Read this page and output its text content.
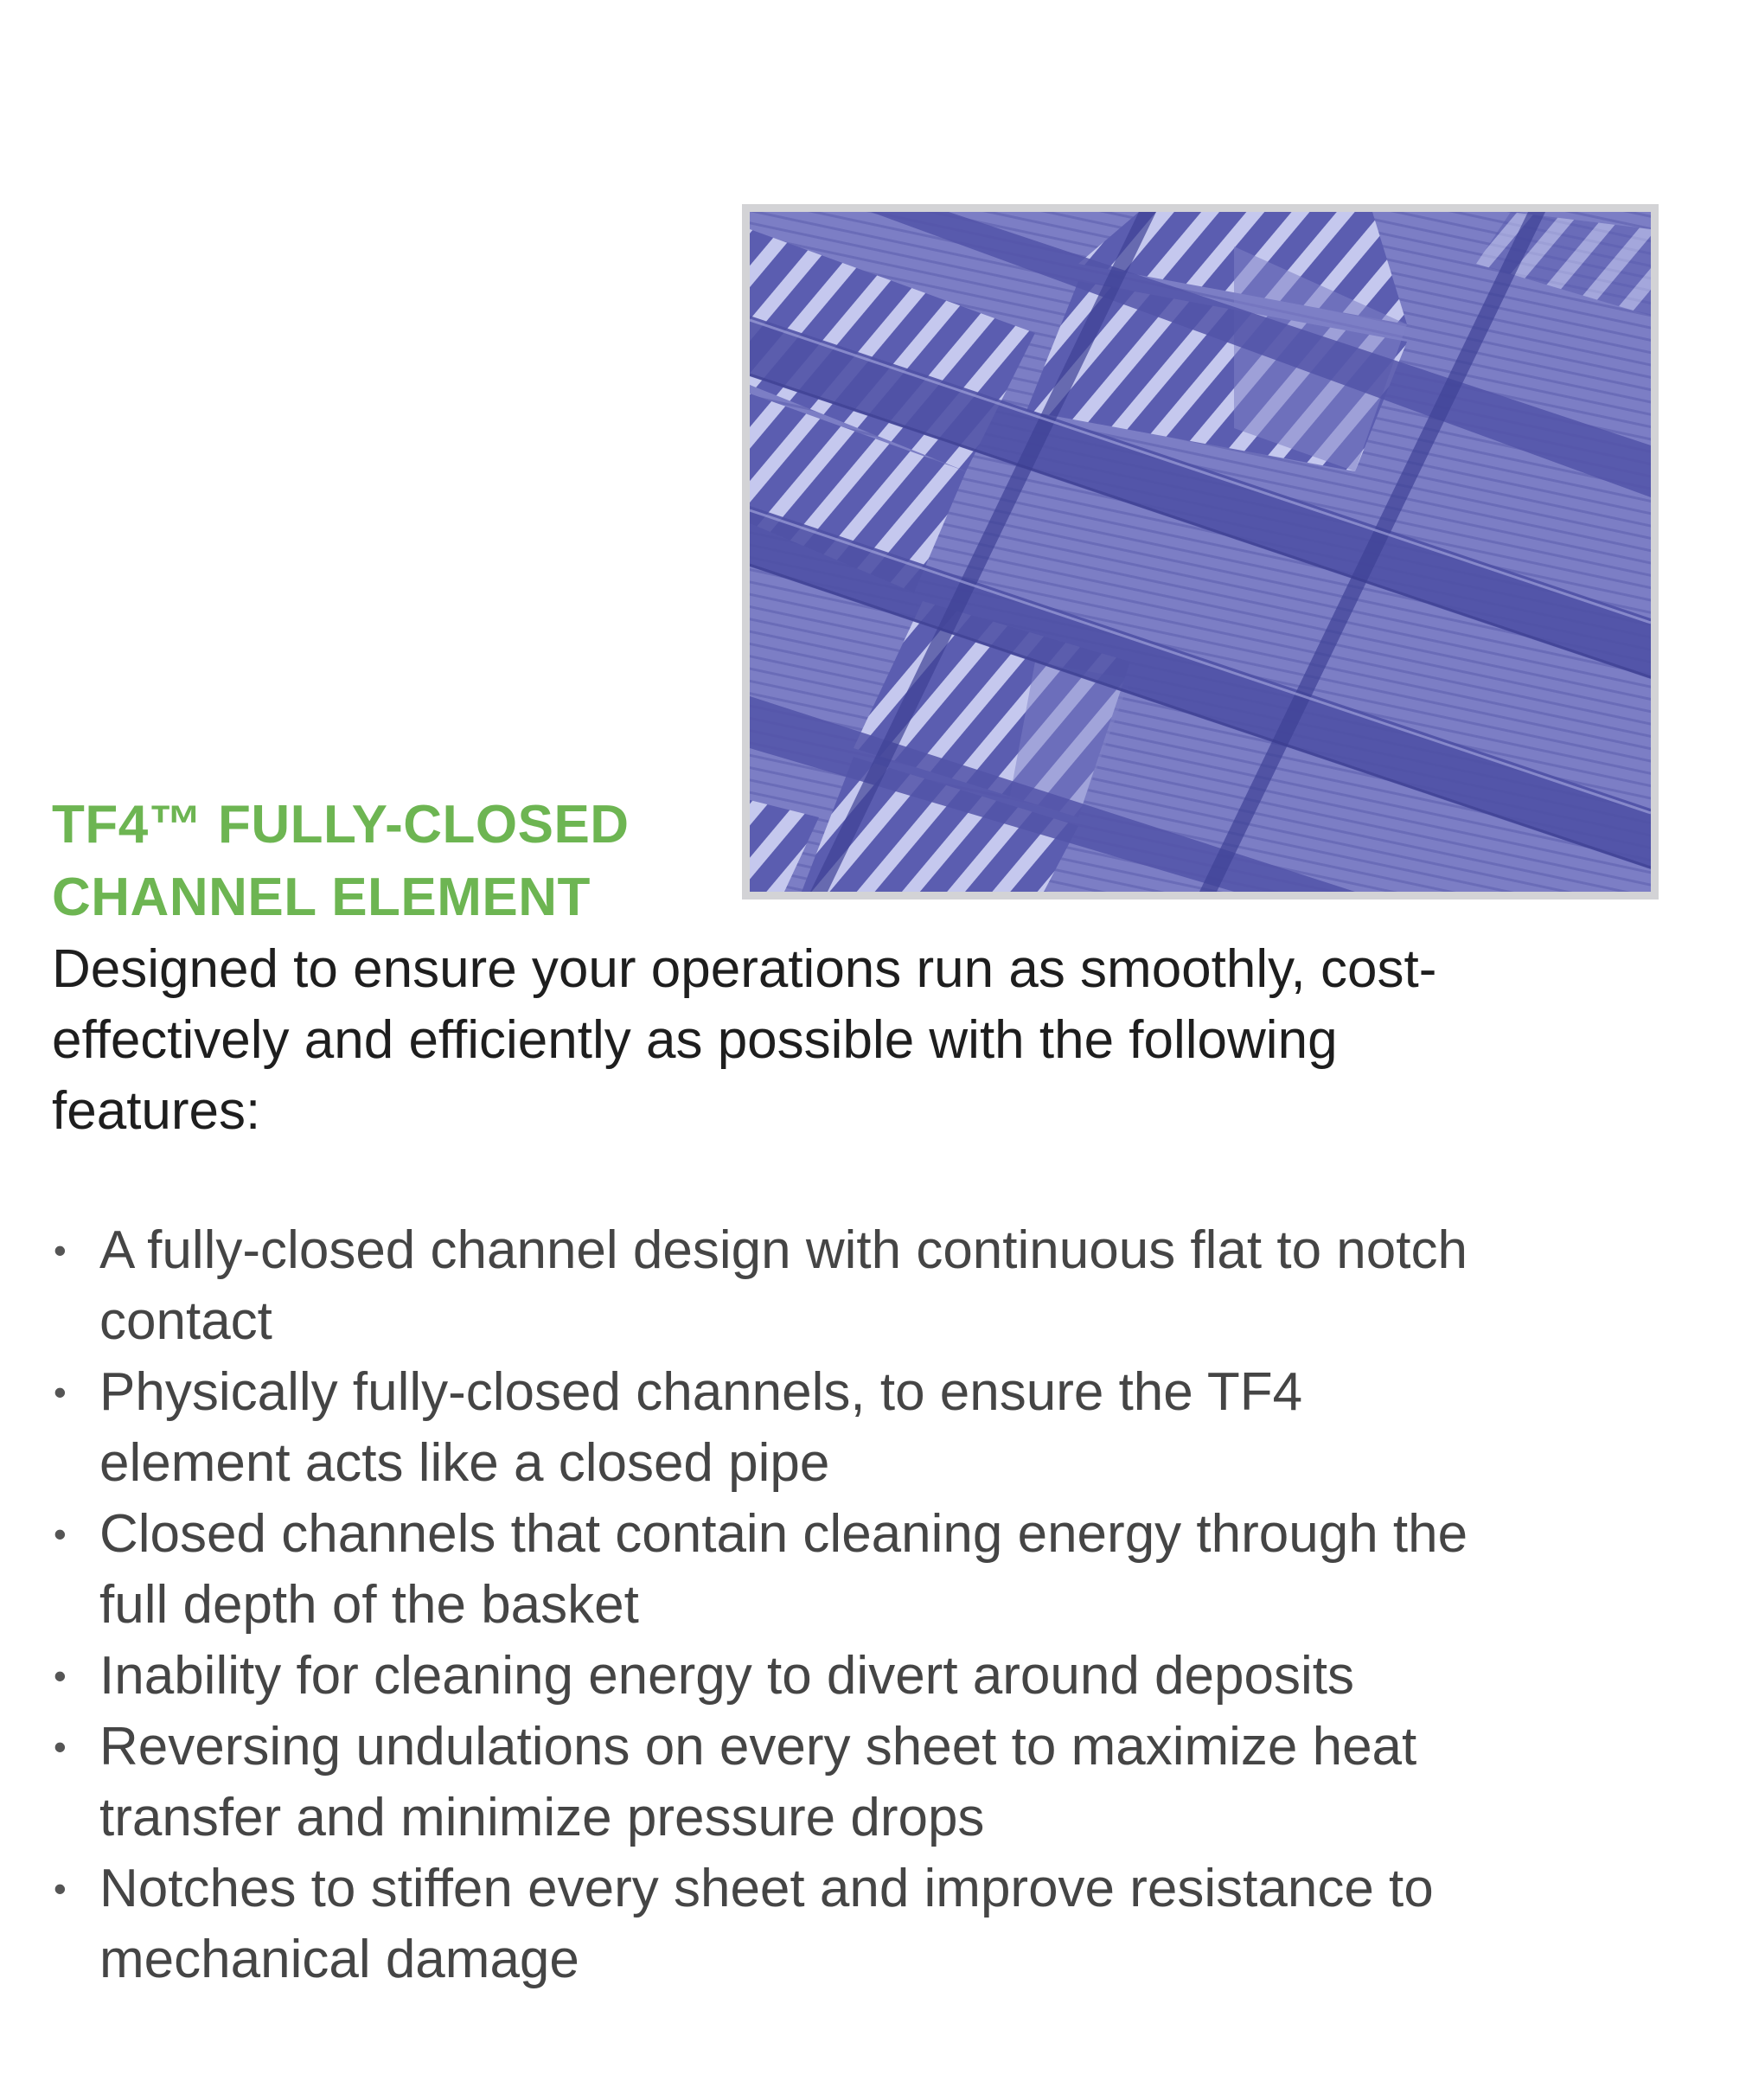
TF4™ FULLY-CLOSED
CHANNEL ELEMENT

Designed to ensure your operations run as smoothly, cost-
effectively and efficiently as possible with the following
features:

• A fully-closed channel design with continuous flat to notch
contact
• Physically fully-closed channels, to ensure the TF4
element acts like a closed pipe
• Closed channels that contain cleaning energy through the
full depth of the basket
• Inability for cleaning energy to divert around deposits
• Reversing undulations on every sheet to maximize heat
transfer and minimize pressure drops
• Notches to stiffen every sheet and improve resistance to
mechanical damage
